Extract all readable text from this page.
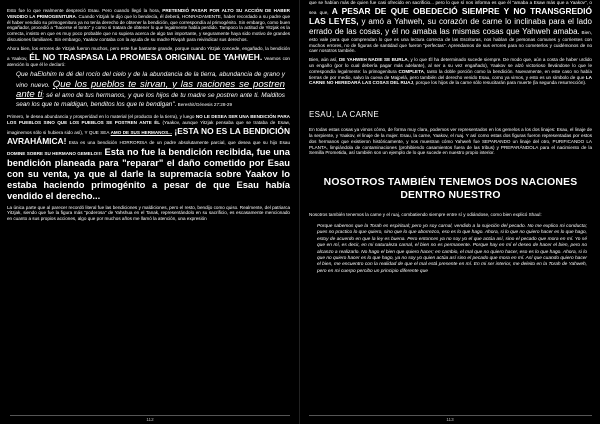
Esto fue lo que realmente despreció Esau. Pero cuando llegó la hora, PRETENDIÓ PASAR POR ALTO SU ACCIÓN DE HABER VENDIDO LA PRIMOGENITURA. Cuando Yitzjak le dijo que lo bendecía, él deberá, HONRADAMENTE, haber recordado a su padre que él haber vendido su primogenitura ya no tenía derecho de obtener la bendición, que correspondía al primogénito. Sin embargo, como buen engañador, procedió a "hacerse el tonto" y como si tratara de obtener lo que legalmente había perdido. Tampoco la actitud de Yitzjak es la correcta, insisto en que es muy poco probable que no supiera acerca de algo tan importante, y seguramente haya sido motivo de grandes discusiones familiares. Sin embargo, Yaakov contaba con la ayuda de su madre Rivqah para reivindicar sus derechos.

Ahora bien, los errores de Yitzjak fueron muchos, pero este fue bastante grande, porque cuando Yitzjak concede, engañado, la bendición a Yaakov, ÉL NO TRASPASA LA PROMESA ORIGINAL DE YAHWEH. Veamos con atención lo que él le declaró:

Que haElohim te dé del rocío del cielo y de la abundancia de la tierra, abundancia de grano y vino nuevo. Que los pueblos te sirvan, y las naciones se postren ante ti; sé el amo de tus hermanos, y que los hijos de tu madre se postren ante ti. Malditos sean los que te maldigan, benditos los que te bendigan". Bereshit/Génesis 27:28-29

Primero, le desea abundancia y prosperidad en lo material (el producto de la tierra), y luego NO LE DESEA SER UNA BENDICIÓN PARA LOS PUEBLOS SINO QUE LOS PUEBLOS SE POSTREN ANTE ÉL (Yaakov, aunque Yitzjak pensaba que se trataba de Esaw, imaginemos sólo si hubiera sido así), Y QUE SEA AMO DE SUS HERMANOS... ¡ESTA NO ES LA BENDICIÓN AVRAHÁMICA! Esta es una bendición HORRORISA de un padre absolutamente parcial, que desea que su hijo Esau DOMINE SOBRE SU HERMANO GEMELO!!! Esta no fue la bendición recibida, fue una bendición planeada para "reparar" el daño cometido por Esau con su venta, ya que al darle la supremacía sobre Yaakov lo estaba haciendo primogénito a pesar de que Esau había vendido el derecho...

La única parte que al parecer recordó literal fue las bendiciones y maldiciones, pero el resto, bendijo como quiso. Realmente, del patriarca Yitzjak, siendo que fue la figura más "poderosa" de Yahshua en el Tanak, representándolo en su sacrificio, es escasamente mencionado en cuanto a sus propios acciones, algo que por muchos años me llamó la atención, una expresión

112

que se habían más de quien fue casi ofrecido en sacrificio... pero lo que sí nos informa es que él "amaba a Esaw más que a Yaakov", o sea que, A PESAR DE QUE OBEDECIÓ SIEMPRE Y NO TRANSGREDIÓ LAS LEYES, y amó a Yahweh, su corazón de carne lo inclinaba para el lado errado de las cosas, y él no amaba las mismas cosas que Yahweh amaba. Bien, esto vale para que comprendan lo que es una lectura correcta de las Escrituras, nos hablan de personas comunes y corrientes con muchos errores, no de figuras de santidad que fueron "perfectas". Aprendamos de sus errores para no cometerlos y cuidémonos de no caer nosotros también.

Bien, aún así, DE YAHWEH NADIE SE BURLA, y lo que Él ha determinado sucede siempre. De modo que, aún a costa de haber urdido un engaño (por lo cual debería pagar más adelante), al ser a su vez engañado), Yaakov se alzó victorioso llevándose lo que le correspondía legalmente: la primogenitura COMPLETA, tanto la doble porción como la bendición. Nuevamente, en este caso no había tierras de por medio, salvo la cueva de Majpelá, pero también del derecho venido Esau, como ya vimos, y esto es un símbolo de que LA CARNE NO HEREDARÁ LAS COSAS DEL RUAJ, porque los hijos de la carne sólo resucitarán para muerte (la segunda resurrección).

ESAU, LA CARNE

En todas estas cosas ya vimos cómo, de forma muy clara, podemos ver representados en los gemelos a los dos linajes: Esau, el linaje de la serpiente, y Yaakov, el linaje de la mujer. Esau, la carne, Yaakov, el ruaj. Y así como estas dos figuras fueron representadas por estos dos hermanos que existieron históricamente, y nos muestran cómo Yahweh fue SEPARANDO un linaje del otro, PURIFICANDO LA PLANTA, limpiándola de contaminaciones (prohibiendo casamientos fuera de las tribus) y PREPARÁNDOLA para el nacimiento de la Semilla Prometida, así también son un ejemplo de lo que sucede en nuestro propio interior.

NOSOTROS TAMBIÉN TENEMOS DOS NACIONES DENTRO NUESTRO

Nosotros también tenemos la carne y el ruaj, combatiendo siempre entre sí y odiándose, como bien explicó Shaul:

Porque sabemos que la Torah es espiritual; pero yo soy carnal, vendido a la sujeción del pecado. No me explico mi conducta; pues no practico lo que quiero, sino que lo que aborrezco, eso es lo que hago. Ahora, si lo que no quiero hacer es lo que hago, estoy de acuerdo en que la ley es buena. Pero entonces ya no soy yo el que actúa así, sino el pecado que mora en mí. Yo sé que en mí, es decir, en mi naturaleza carnal, el bien no es permanente. Porque hay en mí el deseo de hacer el bien, pero no alcanzo a realizarlo. No hago el bien que quiero hacer; en cambio, el mal que no quiero hacer, eso es lo que hago. Ahora, si lo que no quiero hacer es lo que hago, ya no soy yo quien actúa así sino el pecado que mora en mí. Así que cuando quiero hacer el bien, me encuentro con la realidad de que el mal está presente en mí. En mi ser interior, me deleito en la Torah de Yahweh, pero en mi cuerpo percibo un principio diferente que

113
